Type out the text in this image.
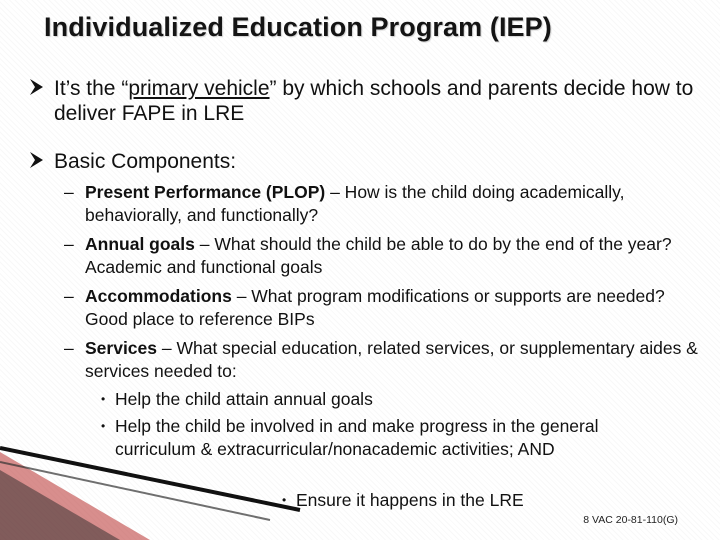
Individualized Education Program (IEP)
It’s the “primary vehicle” by which schools and parents decide how to deliver FAPE in LRE
Basic Components:
– Present Performance (PLOP) – How is the child doing academically, behaviorally, and functionally?
– Annual goals – What should the child be able to do by the end of the year? Academic and functional goals
– Accommodations – What program modifications or supports are needed? Good place to reference BIPs
– Services – What special education, related services, or supplementary aides & services needed to:
• Help the child attain annual goals
• Help the child be involved in and make progress in the general curriculum & extracurricular/nonacademic activities; AND
• Ensure it happens in the LRE
8 VAC 20-81-110(G)
